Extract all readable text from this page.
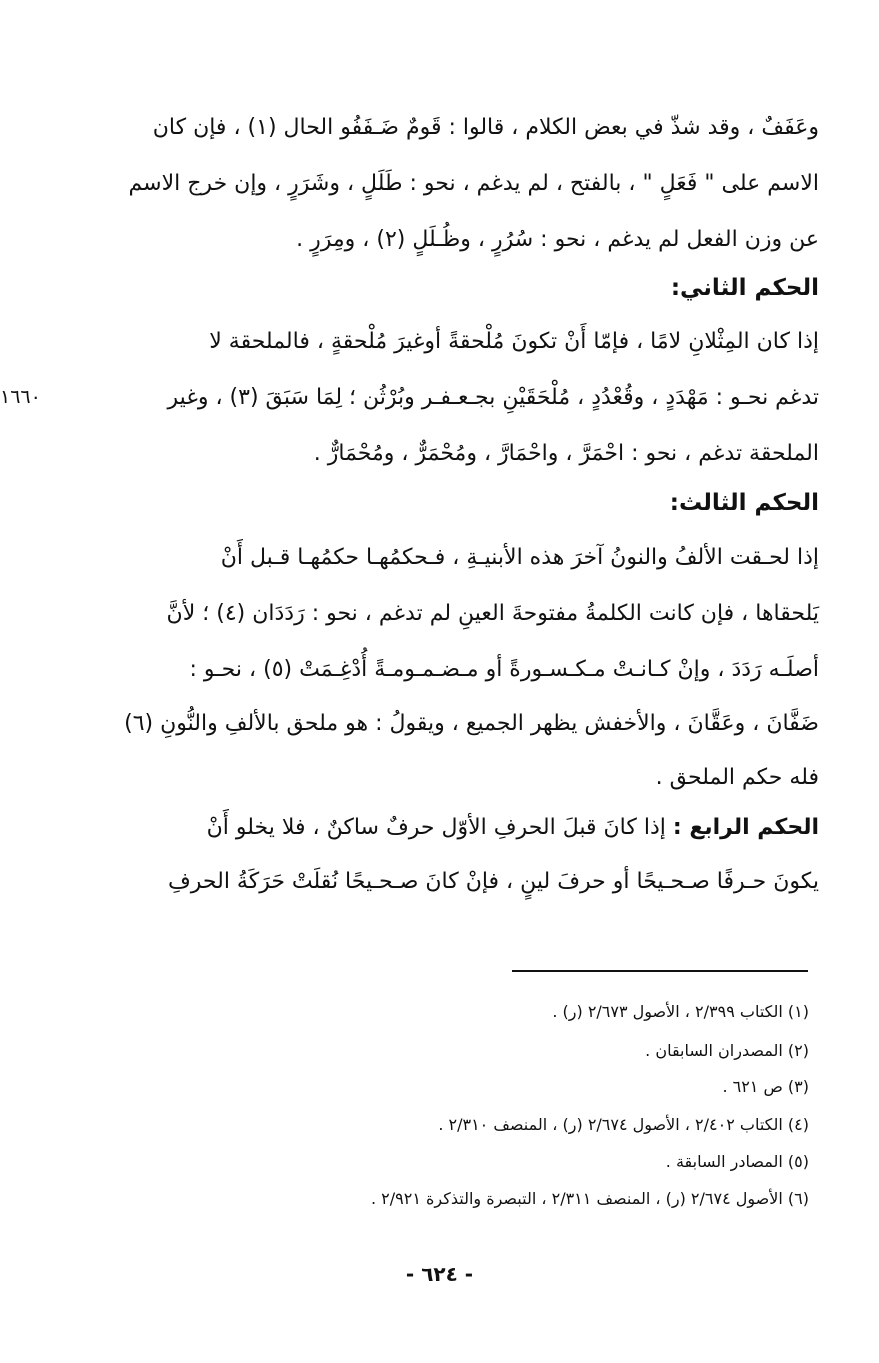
١٦٦٠
وعَفَفٌ ، وقد شذّ في بعض الكلام ، قالوا : قَومٌ ضَـفَفُو الحال (١) ، فإن كان
الاسم على " فَعَلٍ " ، بالفتح ، لم يدغم ، نحو : طَلَلٍ ، وشَرَرٍ ، وإن خرج الاسم
عن وزن الفعل لم يدغم ، نحو : سُرُرٍ ، وظُـلَلٍ (٢) ، ومِرَرٍ .
الحكم الثاني:
إذا كان المِثْلانِ لامًا ، فإمّا أَنْ تكونَ مُلْحقةً أوغيرَ مُلْحقةٍ ، فالملحقة لا
تدغم نحـو : مَهْدَدٍ ، وقُعْدُدٍ ، مُلْحَقَيْنِ بجـعـفـر وبُرْثُن ؛ لِمَا سَبَقَ (٣) ، وغير
الملحقة تدغم ، نحو : احْمَرَّ ، واحْمَارَّ ، ومُحْمَرٌّ ، ومُحْمَارٌّ .
الحكم الثالث:
إذا لحـقت الألفُ والنونُ آخرَ هذه الأبنيـةِ ، فـحكمُهـا حكمُهـا قـبل أَنْ
يَلحقاها ، فإن كانت الكلمةُ مفتوحةَ العينِ لم تدغم ، نحو : رَدَدَان (٤) ؛ لأنَّ
أصلَـه رَدَدَ ، وإنْ كـانـتْ مـكـسـورةً أو مـضـمـومـةً أُدْغِـمَتْ (٥) ، نحـو :
ضَفَّانَ ، وعَقَّانَ ، والأخفش يظهر الجميع ، ويقولُ : هو ملحق بالألفِ والنُّونِ (٦)
فله حكم الملحق .
الحكم الرابع : إذا كانَ قبلَ الحرفِ الأوّل حرفٌ ساكنٌ ، فلا يخلو أَنْ
يكونَ حـرفًا صـحـيحًا أو حرفَ لينٍ ، فإنْ كانَ صـحـيحًا نُقلَتْ حَرَكَةُ الحرفِ
(١) الكتاب ٢/٣٩٩ ، الأصول ٢/٦٧٣ (ر) .
(٢) المصدران السابقان .
(٣) ص ٦٢١ .
(٤) الكتاب ٢/٤٠٢ ، الأصول ٢/٦٧٤ (ر) ، المنصف ٢/٣١٠ .
(٥) المصادر السابقة .
(٦) الأصول ٢/٦٧٤ (ر) ، المنصف ٢/٣١١ ، التبصرة والتذكرة ٢/٩٢١ .
- ٦٢٤ -
